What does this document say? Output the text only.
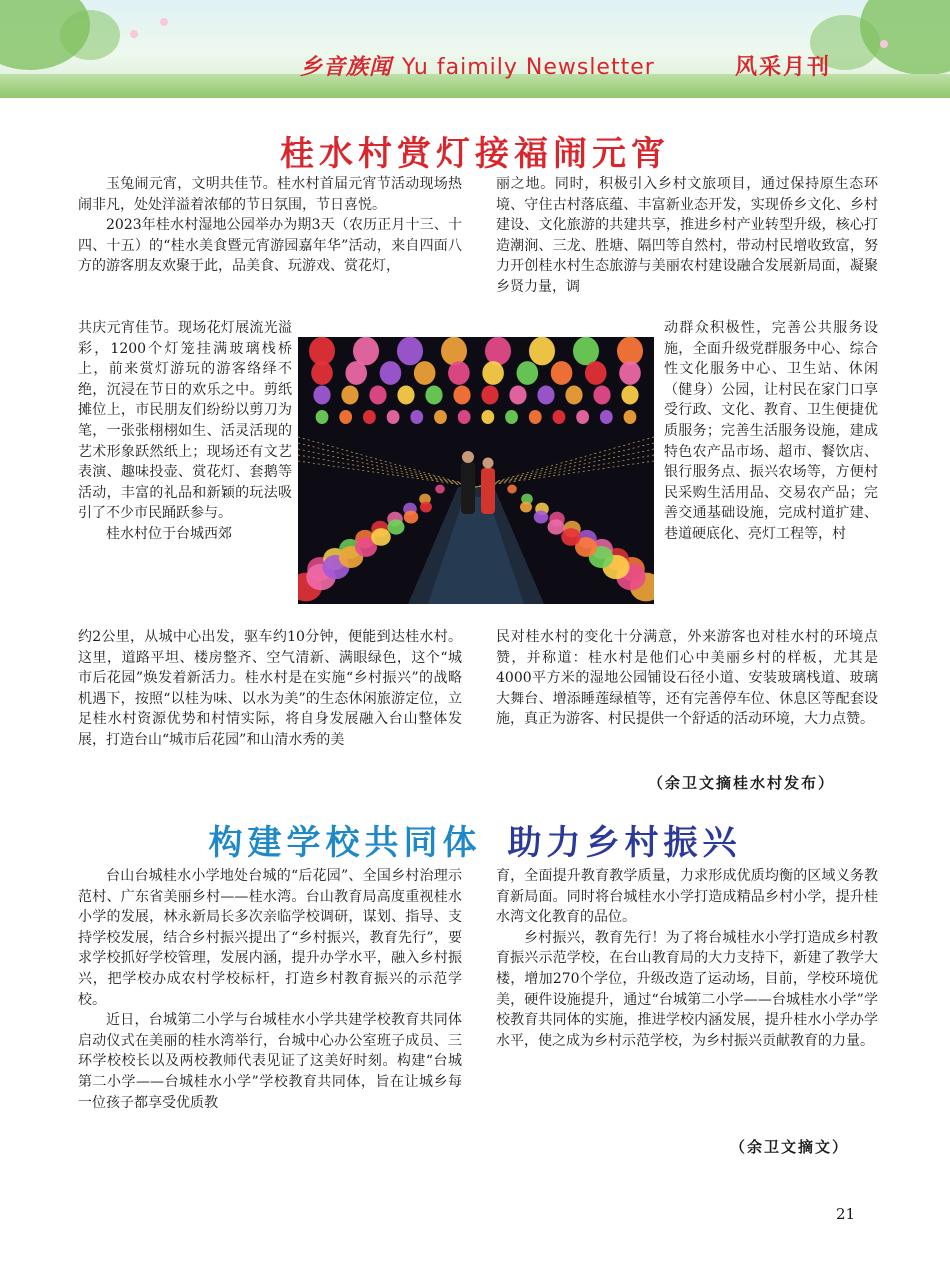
乡音族闻 Yu faimily Newsletter	风采月刊
桂水村赏灯接福闹元宵

玉兔闹元宵，文明共佳节。桂水村首届元宵节活动现场热闹非凡，处处洋溢着浓郁的节日氛围，节日喜悦。

2023年桂水村湿地公园举办为期3天（农历正月十三、十四、十五）的“桂水美食暨元宵游园嘉年华”活动，来自四面八方的游客朋友欢聚于此，品美食、玩游戏、赏花灯，

共庆元宵佳节。现场花灯展流光溢彩，1200个灯笼挂满玻璃栈桥上，前来赏灯游玩的游客络绎不绝，沉浸在节日的欢乐之中。剪纸摊位上，市民朋友们纷纷以剪刀为笔，一张张栩栩如生、活灵活现的艺术形象跃然纸上；现场还有文艺表演、趣味投壶、赏花灯、套鹅等活动，丰富的礼品和新颖的玩法吸引了不少市民踊跃参与。

桂水村位于台城西郊

约2公里，从城中心出发，驱车约10分钟，便能到达桂水村。这里，道路平坦、楼房整齐、空气清新、满眼绿色，这个“城市后花园”焕发着新活力。桂水村是在实施“乡村振兴”的战略机遇下，按照“以桂为味、以水为美”的生态休闲旅游定位，立足桂水村资源优势和村情实际，将自身发展融入台山整体发展，打造台山“城市后花园”和山清水秀的美

丽之地。同时，积极引入乡村文旅项目，通过保持原生态环境、守住古村落底蕴、丰富新业态开发，实现侨乡文化、乡村建设、文化旅游的共建共享，推进乡村产业转型升级，核心打造潮涧、三龙、胜塘、隔凹等自然村，带动村民增收致富，努力开创桂水村生态旅游与美丽农村建设融合发展新局面，凝聚乡贤力量，调

动群众积极性，完善公共服务设施，全面升级党群服务中心、综合性文化服务中心、卫生站、休闲（健身）公园，让村民在家门口享受行政、文化、教育、卫生便捷优质服务；完善生活服务设施，建成特色农产品市场、超市、餐饮店、银行服务点、振兴农场等，方便村民采购生活用品、交易农产品；完善交通基础设施，完成村道扩建、巷道硬底化、亮灯工程等，村

民对桂水村的变化十分满意，外来游客也对桂水村的环境点赞，并称道：桂水村是他们心中美丽乡村的样板，尤其是4000平方米的湿地公园铺设石径小道、安装玻璃栈道、玻璃大舞台、增添睡莲绿植等，还有完善停车位、休息区等配套设施，真正为游客、村民提供一个舒适的活动环境，大力点赞。

（余卫文摘桂水村发布）
构建学校共同体 助力乡村振兴

台山台城桂水小学地处台城的“后花园”、全国乡村治理示范村、广东省美丽乡村——桂水湾。台山教育局高度重视桂水小学的发展，林永新局长多次亲临学校调研，谋划、指导、支持学校发展，结合乡村振兴提出了“乡村振兴，教育先行”，要求学校抓好学校管理，发展内涵，提升办学水平，融入乡村振兴，把学校办成农村学校标杆，打造乡村教育振兴的示范学校。

近日，台城第二小学与台城桂水小学共建学校教育共同体启动仪式在美丽的桂水湾举行，台城中心办公室班子成员、三环学校校长以及两校教师代表见证了这美好时刻。构建“台城第二小学——台城桂水小学”学校教育共同体，旨在让城乡每一位孩子都享受优质教

育，全面提升教育教学质量，力求形成优质均衡的区域义务教育新局面。同时将台城桂水小学打造成精品乡村小学，提升桂水湾文化教育的品位。

乡村振兴，教育先行！为了将台城桂水小学打造成乡村教育振兴示范学校，在台山教育局的大力支持下，新建了教学大楼，增加270个学位，升级改造了运动场，目前，学校环境优美，硬件设施提升，通过“台城第二小学——台城桂水小学”学校教育共同体的实施，推进学校内涵发展，提升桂水小学办学水平，使之成为乡村示范学校，为乡村振兴贡献教育的力量。

（余卫文摘文）
21
